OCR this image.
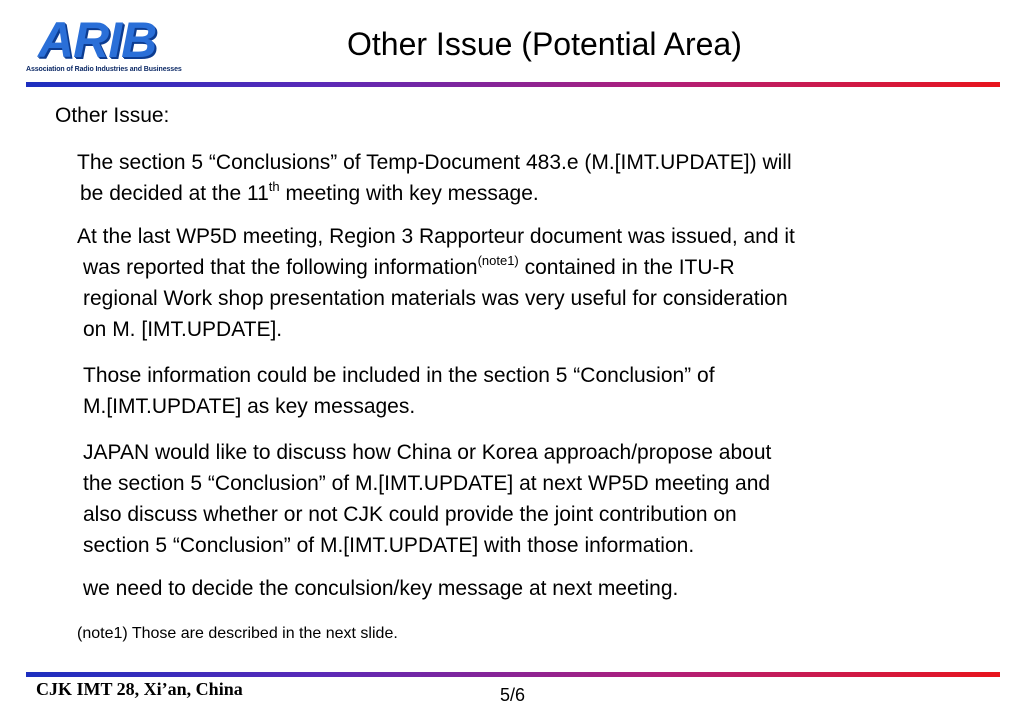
ARIB
Association of Radio Industries and Businesses
Other Issue (Potential Area)
Other Issue:
The section 5 “Conclusions” of Temp-Document 483.e (M.[IMT.UPDATE]) will
be decided at the 11th meeting with key message.
At the last WP5D meeting, Region 3 Rapporteur document was issued, and it
was reported that the following information$^{(note1)}$ contained in the ITU-R
regional Work shop presentation materials was very useful for consideration
on M. [IMT.UPDATE].
Those information could be included in the section 5 “Conclusion” of
M.[IMT.UPDATE] as key messages.
JAPAN would like to discuss how China or Korea approach/propose about
the section 5 “Conclusion” of M.[IMT.UPDATE] at next WP5D meeting and
also discuss whether or not CJK could provide the joint contribution on
section 5 “Conclusion” of M.[IMT.UPDATE] with those information.
we need to decide the conculsion/key message at next meeting.
(note1) Those are described in the next slide.
CJK IMT 28, Xi’an, China	5/6
